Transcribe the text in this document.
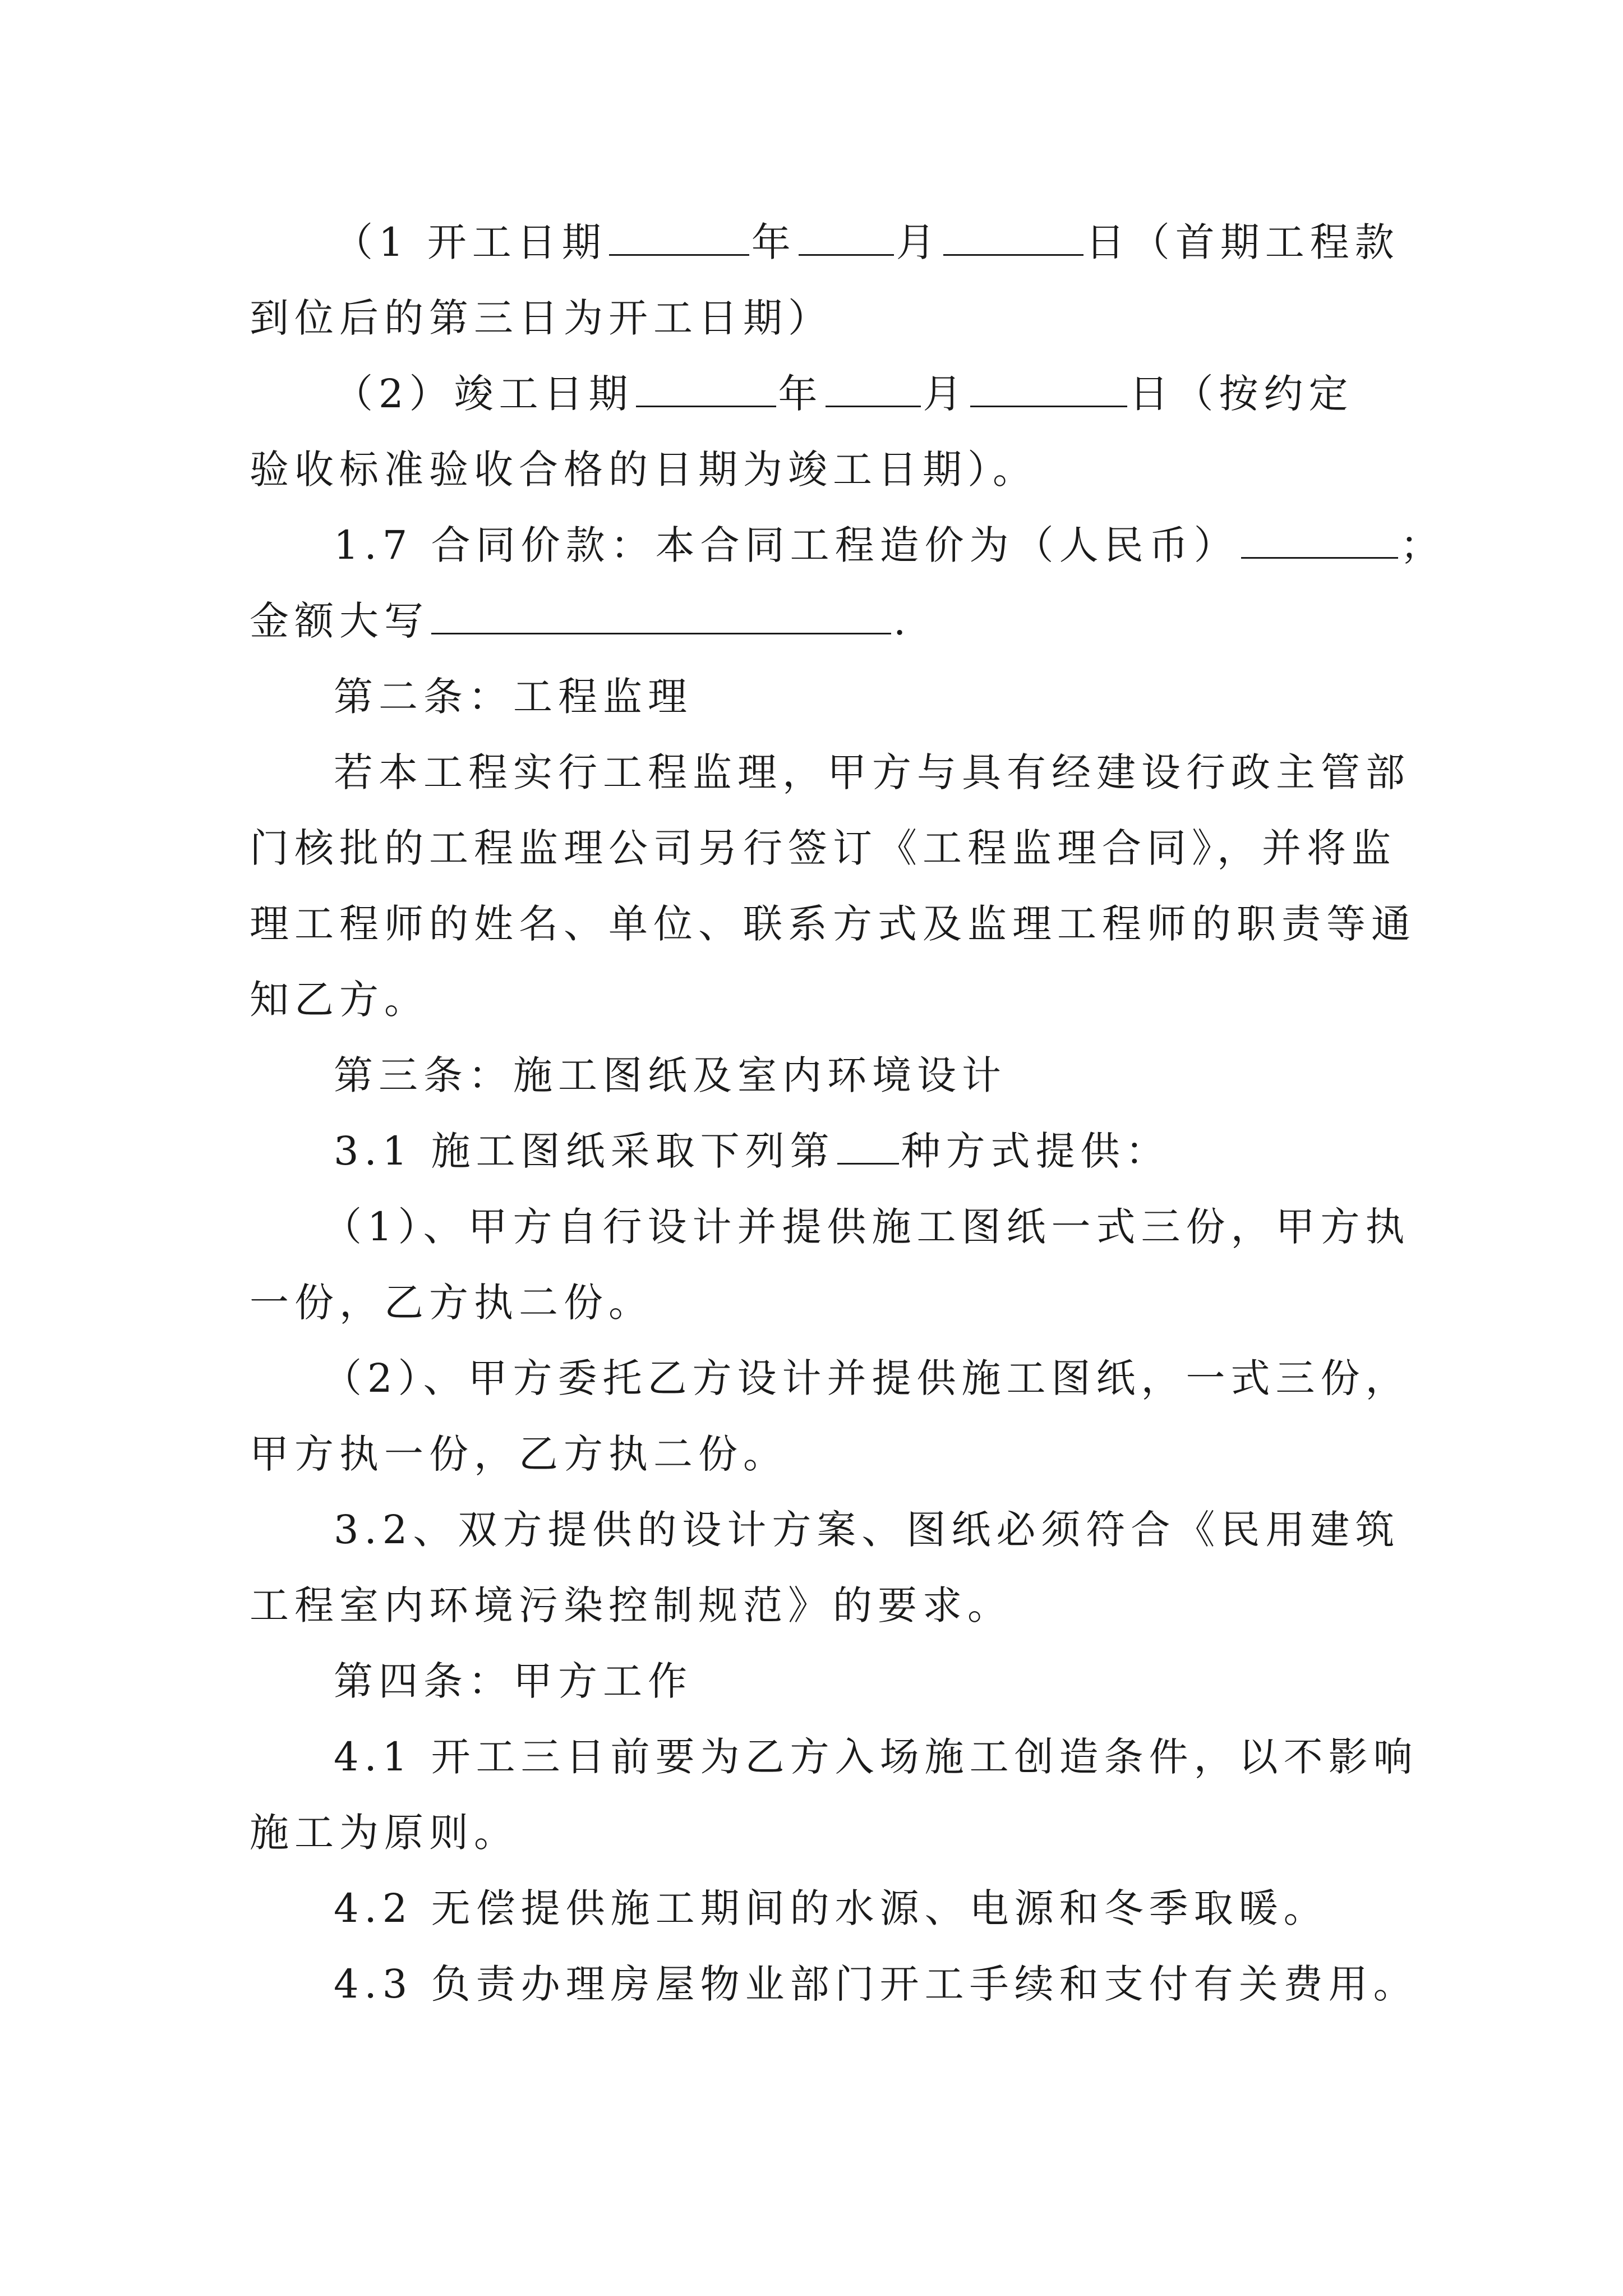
（1 开工日期	年	月	日（首期工程款
到位后的第三日为开工日期）
（2）竣工日期	年	月	日（按约定
验收标准验收合格的日期为竣工日期）。
1.7 合同价款：本合同工程造价为（人民币）	；
金额大写	.
第二条：工程监理
若本工程实行工程监理，甲方与具有经建设行政主管部
门核批的工程监理公司另行签订《工程监理合同》，并将监
理工程师的姓名、单位、联系方式及监理工程师的职责等通
知乙方。
第三条：施工图纸及室内环境设计
3.1 施工图纸采取下列第 种方式提供：
（1）、甲方自行设计并提供施工图纸一式三份，甲方执
一份，乙方执二份。
（2）、甲方委托乙方设计并提供施工图纸，一式三份，
甲方执一份，乙方执二份。
3.2、双方提供的设计方案、图纸必须符合《民用建筑
工程室内环境污染控制规范》的要求。
第四条：甲方工作
4.1 开工三日前要为乙方入场施工创造条件，以不影响
施工为原则。
4.2 无偿提供施工期间的水源、电源和冬季取暖。
4.3 负责办理房屋物业部门开工手续和支付有关费用。
